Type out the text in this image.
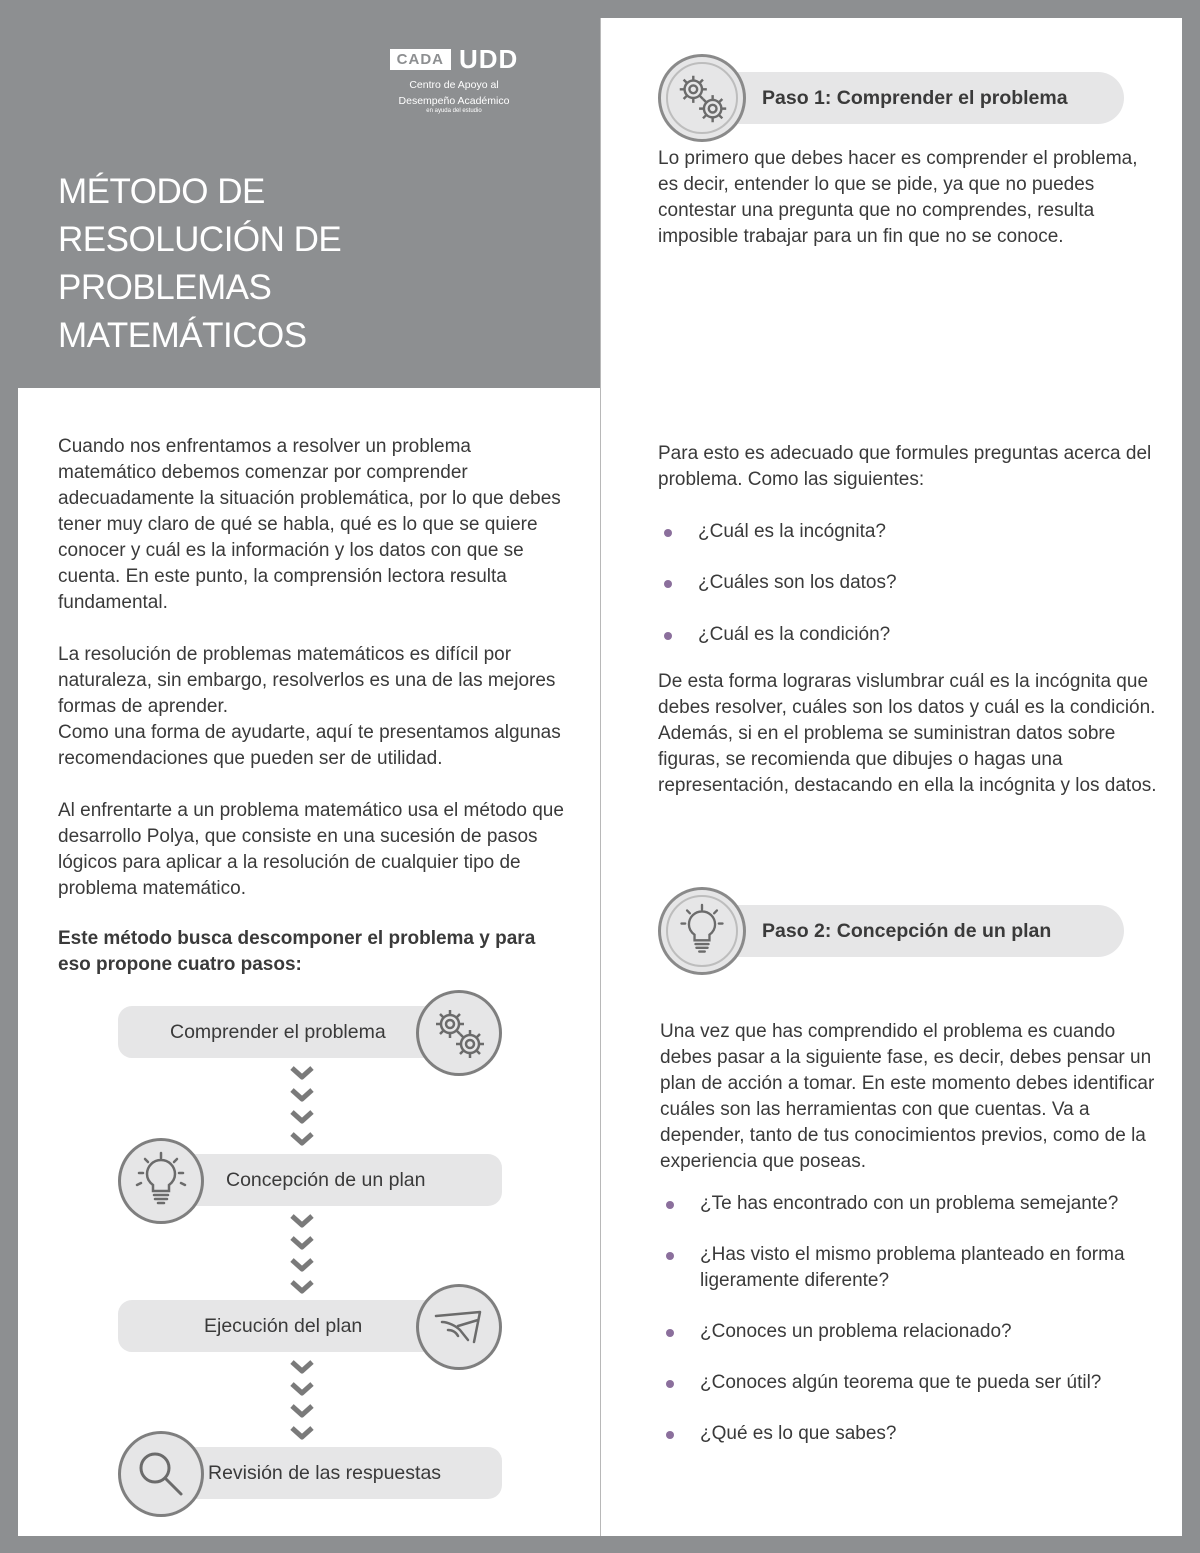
CADA UDD
Centro de Apoyo al
Desempeño Académico
en ayuda del estudio
MÉTODO DE
RESOLUCIÓN DE
PROBLEMAS
MATEMÁTICOS
Cuando nos enfrentamos a resolver un problema matemático debemos comenzar por comprender adecuadamente la situación problemática, por lo que debes tener muy claro de qué se habla, qué es lo que se quiere conocer y cuál es la información y los datos con que se cuenta. En este punto, la comprensión lectora resulta fundamental.
La resolución de problemas matemáticos es difícil por naturaleza, sin embargo, resolverlos es una de las mejores formas de aprender.
Como una forma de ayudarte, aquí te presentamos algunas recomendaciones que pueden ser de utilidad.
Al enfrentarte a un problema matemático usa el método que desarrollo Polya, que consiste en una sucesión de pasos lógicos para aplicar a la resolución de cualquier tipo de problema matemático.
Este método busca descomponer el problema y para eso propone cuatro pasos:
Comprender el problema
Concepción de un plan
Ejecución del plan
Revisión de las respuestas
Paso 1: Comprender el problema
Lo primero que debes hacer es comprender el problema, es decir, entender lo que se pide, ya que no puedes contestar una pregunta que no comprendes, resulta imposible trabajar para un fin que no se conoce.
Para esto es adecuado que formules preguntas acerca del problema. Como las siguientes:
¿Cuál es la incógnita?
¿Cuáles son los datos?
¿Cuál es la condición?
De esta forma lograras vislumbrar cuál es la incógnita que debes resolver, cuáles son los datos y cuál es la condición. Además, si en el problema se suministran datos sobre figuras, se recomienda que dibujes o hagas una representación, destacando en ella la incógnita y los datos.
Paso 2: Concepción de un plan
Una vez que has comprendido el problema es cuando debes pasar a la siguiente fase, es decir, debes pensar un plan de acción a tomar. En este momento debes identificar cuáles son las herramientas con que cuentas. Va a depender, tanto de tus conocimientos previos, como de la experiencia que poseas.
¿Te has encontrado con un problema semejante?
¿Has visto el mismo problema planteado en forma ligeramente diferente?
¿Conoces un problema relacionado?
¿Conoces algún teorema que te pueda ser útil?
¿Qué es lo que sabes?
